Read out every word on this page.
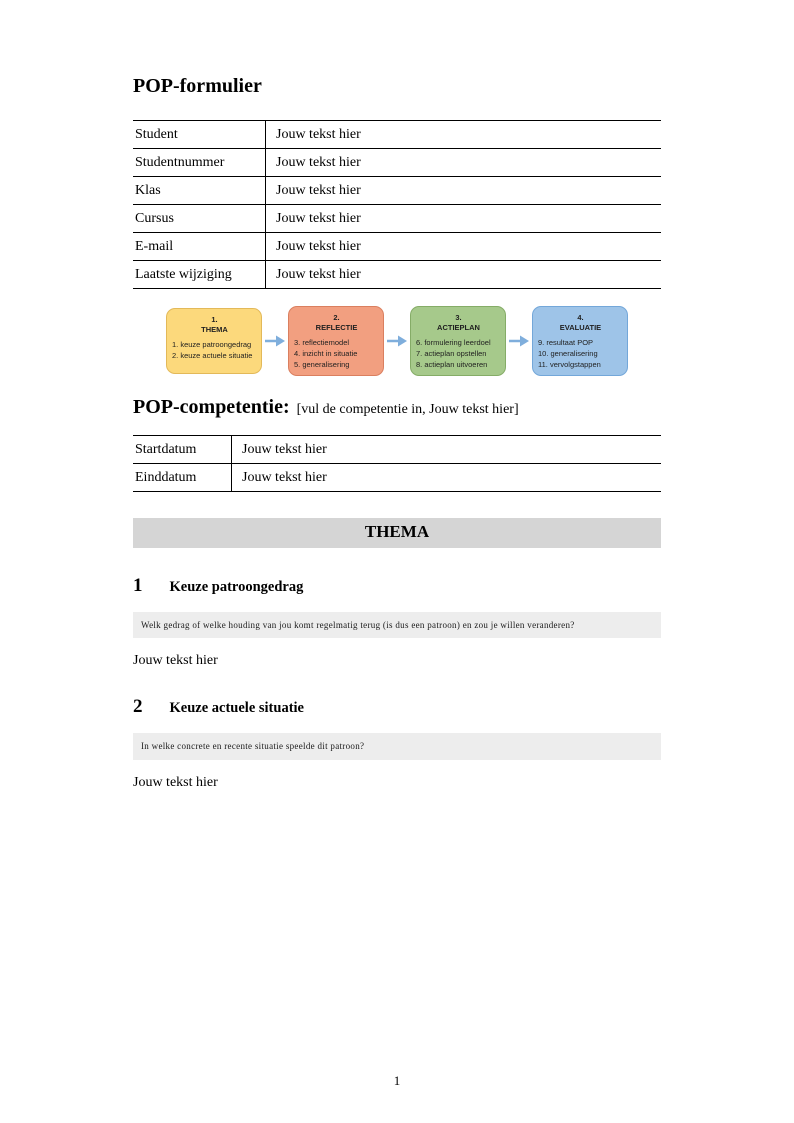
POP-formulier
Student	Jouw tekst hier
Studentnummer	Jouw tekst hier
Klas	Jouw tekst hier
Cursus	Jouw tekst hier
E-mail	Jouw tekst hier
Laatste wijziging	Jouw tekst hier
1.
THEMA
1. keuze patroongedrag
2. keuze actuele situatie
2.
REFLECTIE
3. reflectiemodel
4. inzicht in situatie
5. generalisering
3.
ACTIEPLAN
6. formulering leerdoel
7. actieplan opstellen
8. actieplan uitvoeren
4.
EVALUATIE
9. resultaat POP
10. generalisering
11. vervolgstappen
POP-competentie: [vul de competentie in, Jouw tekst hier]
Startdatum	Jouw tekst hier
Einddatum	Jouw tekst hier
THEMA
1 Keuze patroongedrag
Welk gedrag of welke houding van jou komt regelmatig terug (is dus een patroon) en zou je willen veranderen?
Jouw tekst hier
2 Keuze actuele situatie
In welke concrete en recente situatie speelde dit patroon?
Jouw tekst hier
1
